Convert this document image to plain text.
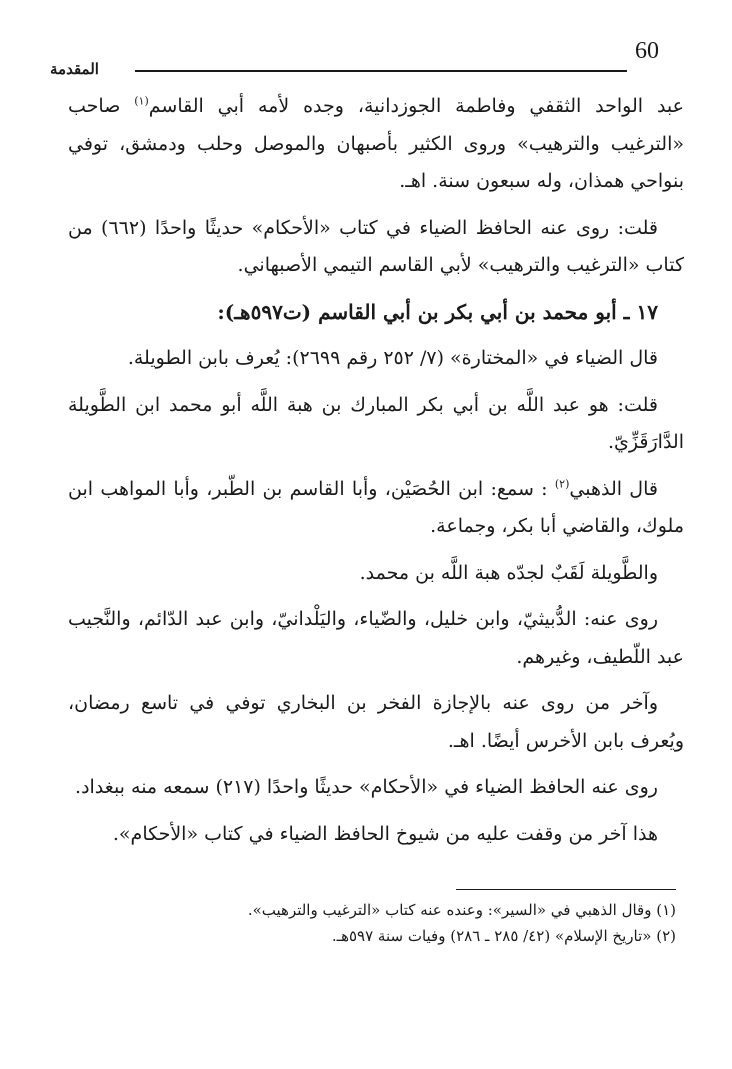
60
المقدمة

عبد الواحد الثقفي وفاطمة الجوزدانية، وجده لأمه أبي القاسم$^{(١)}$ صاحب «الترغيب والترهيب» وروى الكثير بأصبهان والموصل وحلب ودمشق، توفي بنواحي همذان، وله سبعون سنة. اهـ.

قلت: روى عنه الحافظ الضياء في كتاب «الأحكام» حديثًا واحدًا (٦٦٢) من كتاب «الترغيب والترهيب» لأبي القاسم التيمي الأصبهاني.

١٧ ـ أبو محمد بن أبي بكر بن أبي القاسم (ت٥٩٧هـ):

قال الضياء في «المختارة» (٧/ ٢٥٢ رقم ٢٦٩٩): يُعرف بابن الطويلة.

قلت: هو عبد اللَّه بن أبي بكر المبارك بن هبة اللَّه أبو محمد ابن الطَّويلة الدَّارَقَزِّيّ.

قال الذهبي$^{(٢)}$ : سمع: ابن الحُصَيْن، وأبا القاسم بن الطّبر، وأبا المواهب ابن ملوك، والقاضي أبا بكر، وجماعة.

والطَّويلة لَقَبٌ لجدّه هبة اللَّه بن محمد.

روى عنه: الدُّبيثيّ، وابن خليل، والضّياء، واليَلْدانيّ، وابن عبد الدّائم، والنَّجيب عبد اللّطيف، وغيرهم.

وآخر من روى عنه بالإجازة الفخر بن البخاري توفي في تاسع رمضان، ويُعرف بابن الأخرس أيضًا. اهـ.

روى عنه الحافظ الضياء في «الأحكام» حديثًا واحدًا (٢١٧) سمعه منه ببغداد.

هذا آخر من وقفت عليه من شيوخ الحافظ الضياء في كتاب «الأحكام».

(١) وقال الذهبي في «السير»: وعنده عنه كتاب «الترغيب والترهيب».

(٢) «تاريخ الإسلام» (٤٢/ ٢٨٥ ـ ٢٨٦) وفيات سنة ٥٩٧هـ.
